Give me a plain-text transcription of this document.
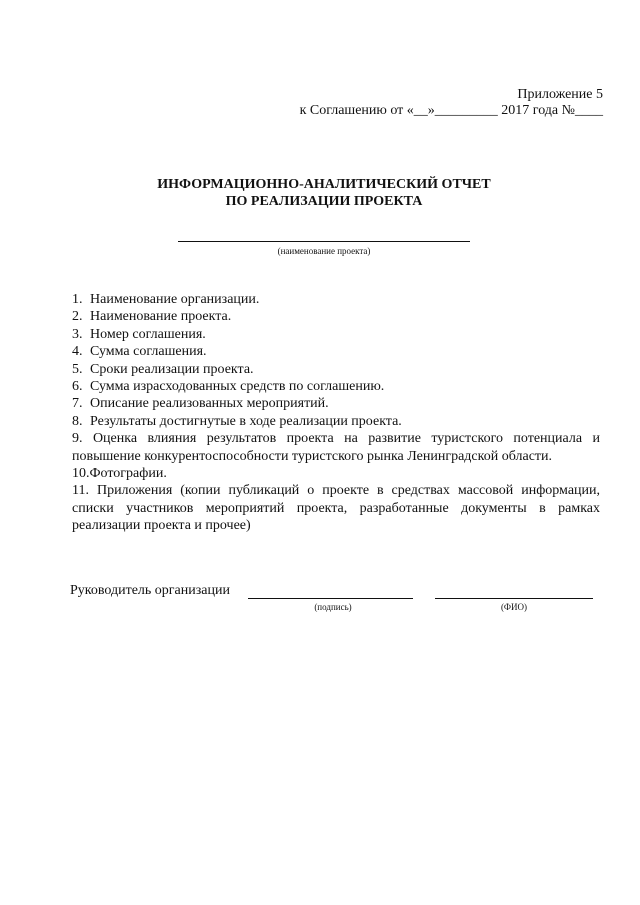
Приложение 5
к Соглашению от «__»_________ 2017 года №____
ИНФОРМАЦИОННО-АНАЛИТИЧЕСКИЙ ОТЧЕТ
ПО РЕАЛИЗАЦИИ ПРОЕКТА
(наименование проекта)
1. Наименование организации.
2. Наименование проекта.
3. Номер соглашения.
4. Сумма соглашения.
5. Сроки реализации проекта.
6. Сумма израсходованных средств по соглашению.
7. Описание реализованных мероприятий.
8. Результаты достигнутые в ходе реализации проекта.
9. Оценка влияния результатов проекта на развитие туристского потенциала и повышение конкурентоспособности туристского рынка Ленинградской области.
10.Фотографии.
11. Приложения (копии публикаций о проекте в средствах массовой информации, списки участников мероприятий проекта, разработанные документы в рамках реализации проекта и прочее)
Руководитель организации
(подпись)	(ФИО)
